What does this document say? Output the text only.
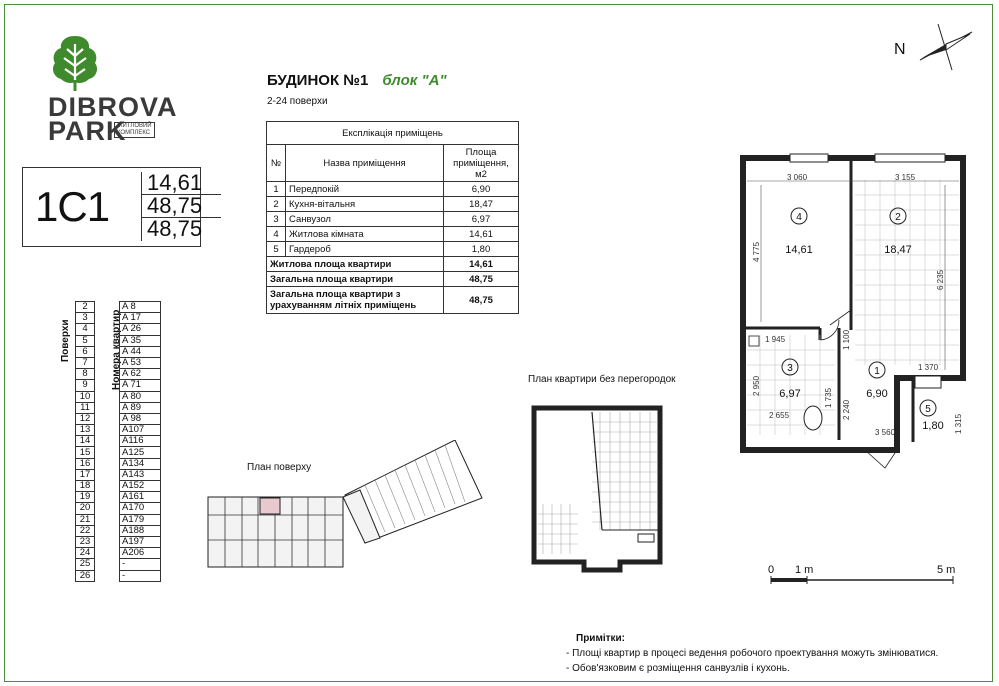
DIBROVA
PARK
ЖИТЛОВИЙ
КОМПЛЕКС
1C1
14,61
48,75
48,75
БУДИНОК №1 блок "А"
2-24 поверхи
Експлікація приміщень		
№	Назва приміщення	Площа приміщення, м2
1	Передпокій	6,90
2	Кухня-вітальня	18,47
3	Санвузол	6,97
4	Житлова кімната	14,61
5	Гардероб	1,80
Житлова площа квартири		14,61
Загальна площа квартири		48,75
Загальна площа квартири з урахуванням літніх приміщень		48,75
Поверхи	Номера квартир
2		A 8
3		A 17
4		A 26
5		A 35
6		A 44
7		A 53
8		A 62
9		A 71
10		A 80
11		A 89
12		A 98
13		A107
14		A116
15		A125
16		A134
17		A143
18		A152
19		A161
20		A170
21		A179
22		A188
23		A197
24		A206
25		-
26		-
План поверху
План квартири без перегородок
N
3 060	3 155
4 775
6 235
1 945	1 100
2 950
2 655
1 735
2 240
1 370
3 560	1 315
4
14,61
2
18,47
3
6,97
1
6,90
5
1,80
0 1 m	5 m
Примітки:
- Площі квартир в процесі ведення робочого проектування можуть змінюватися.
- Обов'язковим є розміщення санвузлів і кухонь.
